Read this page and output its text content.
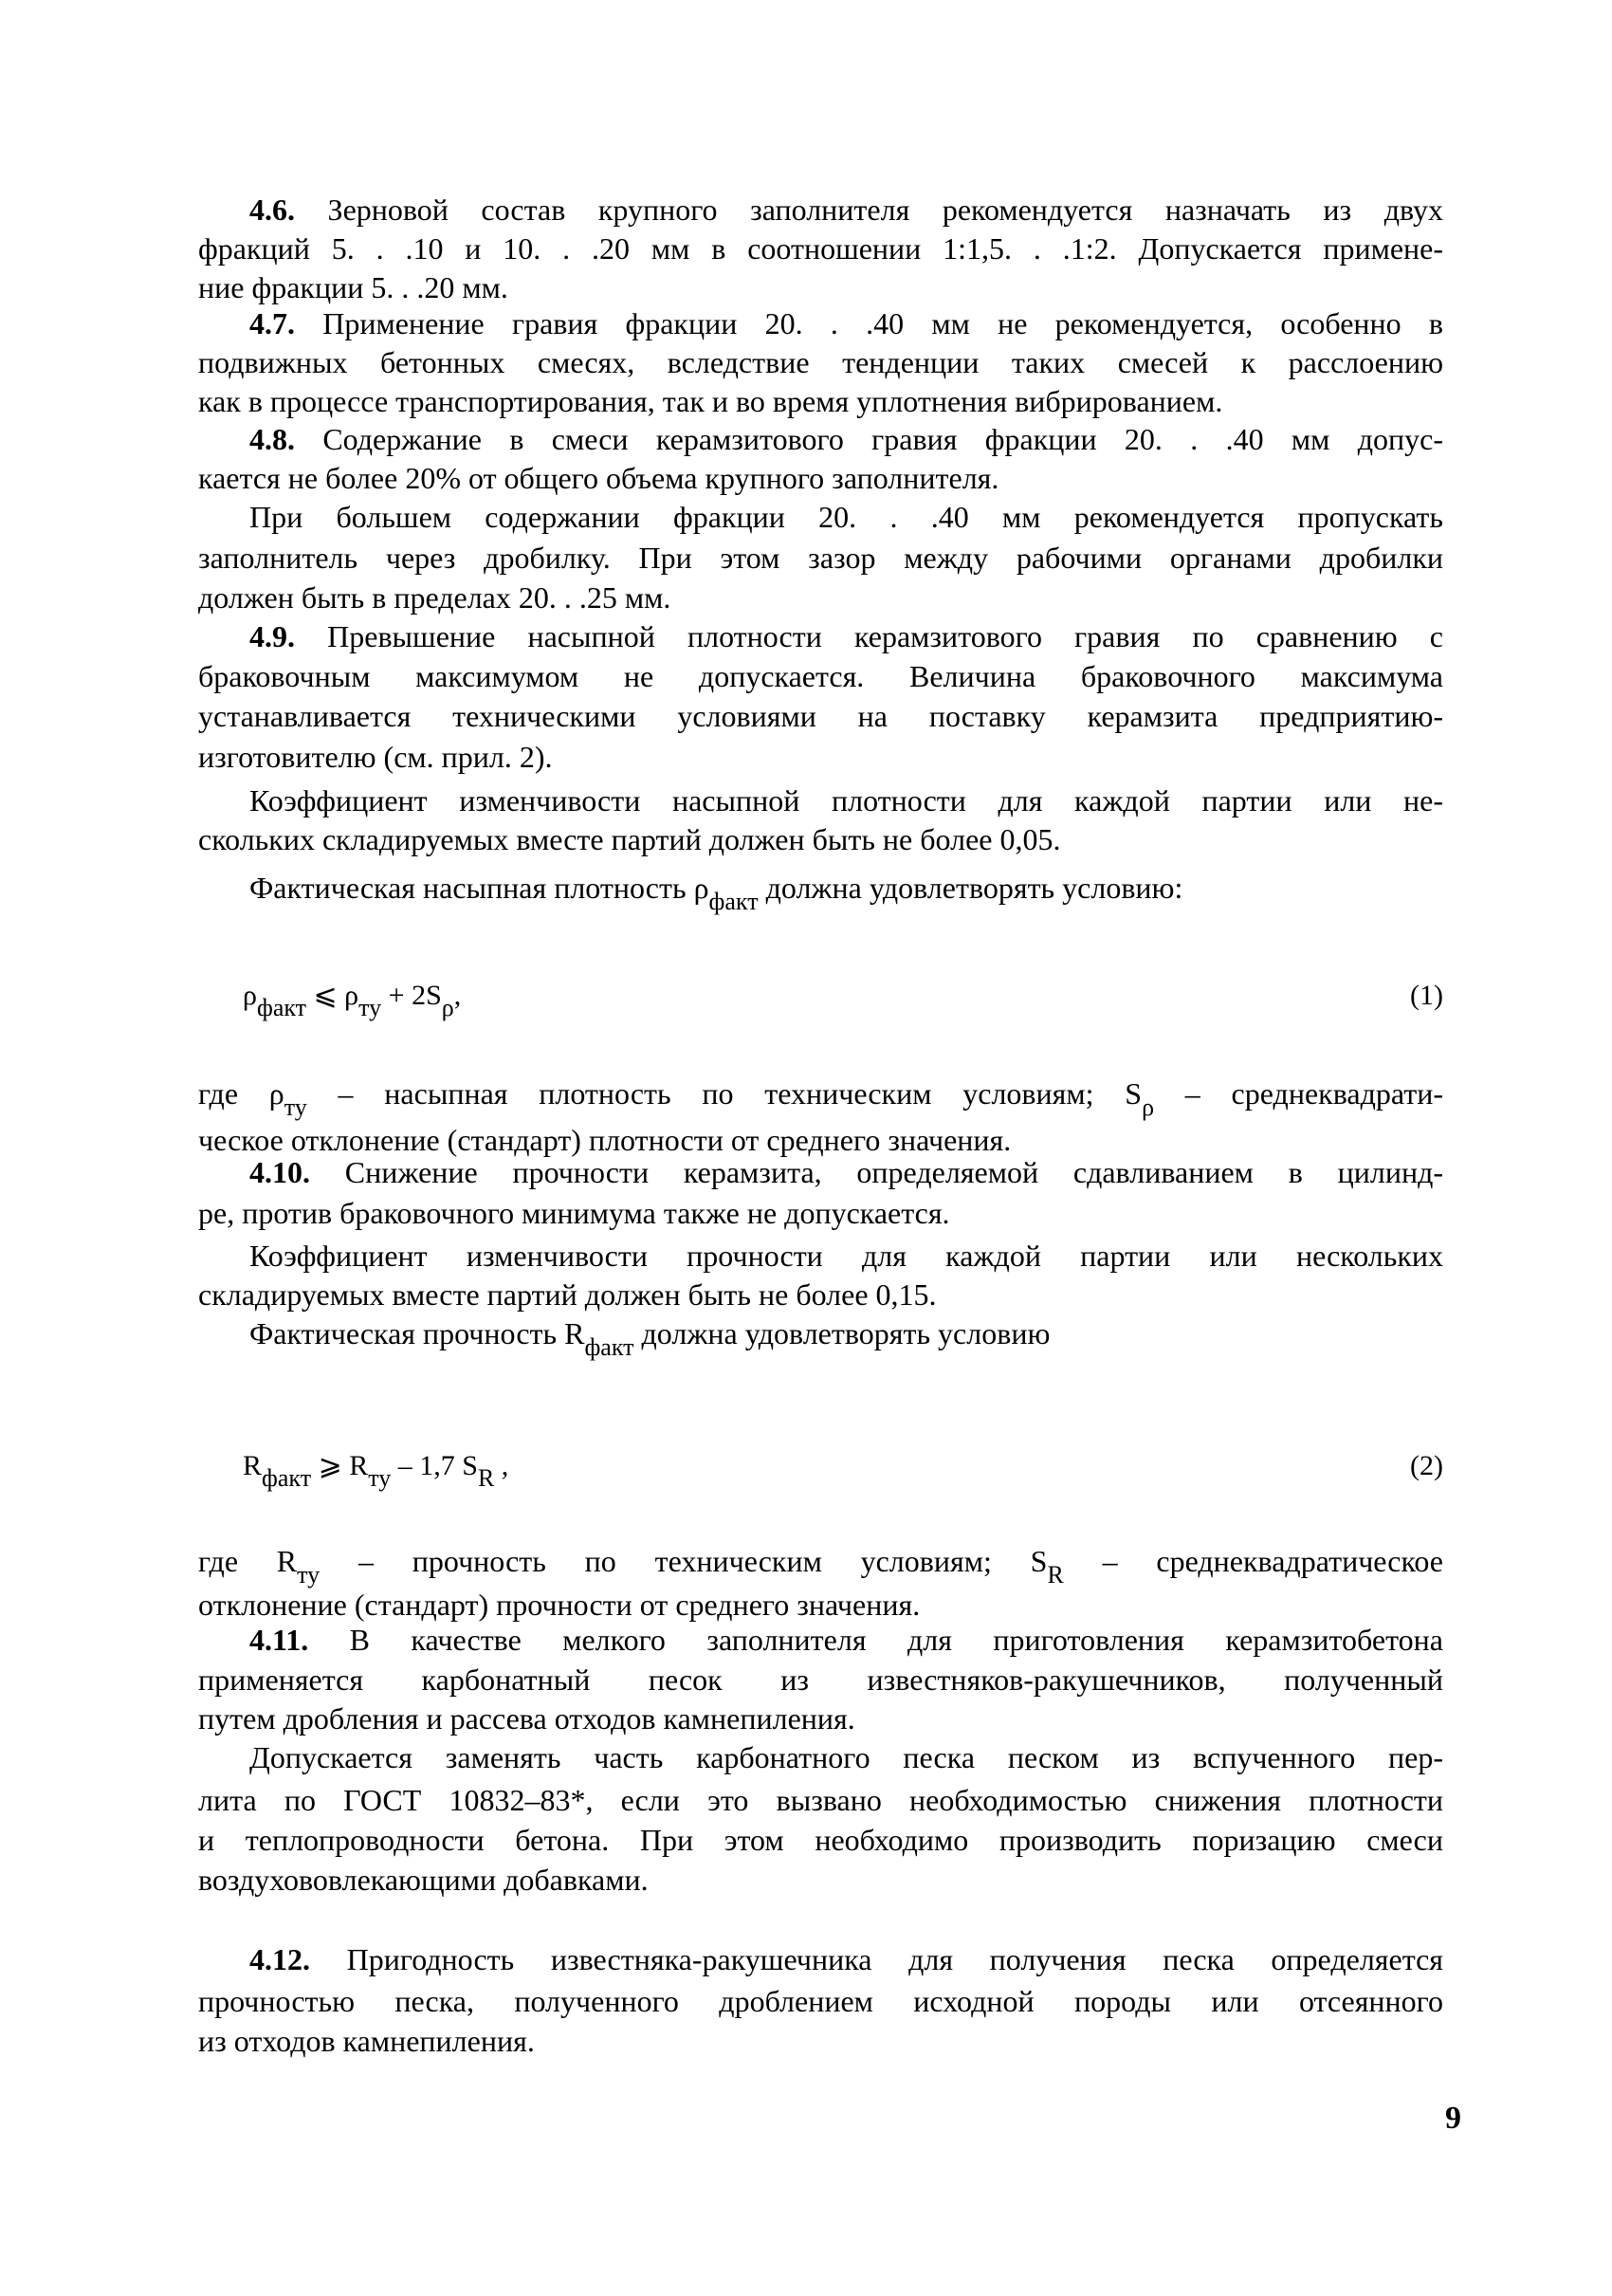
4.6. Зерновой состав крупного заполнителя рекомендуется назначать из двух
фракций 5. . .10 и 10. . .20 мм в соотношении 1:1,5. . .1:2. Допускается примене-
ние фракции 5. . .20 мм.
4.7. Применение гравия фракции 20. . .40 мм не рекомендуется, особенно в
подвижных бетонных смесях, вследствие тенденции таких смесей к расслоению
как в процессе транспортирования, так и во время уплотнения вибрированием.
4.8. Содержание в смеси керамзитового гравия фракции 20. . .40 мм допус-
кается не более 20% от общего объема крупного заполнителя.
При большем содержании фракции 20. . .40 мм рекомендуется пропускать
заполнитель через дробилку. При этом зазор между рабочими органами дробилки
должен быть в пределах 20. . .25 мм.
4.9. Превышение насыпной плотности керамзитового гравия по сравнению с
браковочным максимумом не допускается. Величина браковочного максимума
устанавливается техническими условиями на поставку керамзита предприятию-
изготовителю (см. прил. 2).
Коэффициент изменчивости насыпной плотности для каждой партии или не-
скольких складируемых вместе партий должен быть не более 0,05.
Фактическая насыпная плотность $\rho_{факт}$ должна удовлетворять условию:
$\rho_{факт}$ ⩽ $\rho_{ту} + 2S_\rho$,	(1)
где $\rho_{ту}$ – насыпная плотность по техническим условиям; $S_\rho$ – среднеквадрати-
ческое отклонение (стандарт) плотности от среднего значения.
4.10. Снижение прочности керамзита, определяемой сдавливанием в цилинд-
ре, против браковочного минимума также не допускается.
Коэффициент изменчивости прочности для каждой партии или нескольких
складируемых вместе партий должен быть не более 0,15.
Фактическая прочность $R_{факт}$ должна удовлетворять условию
$R_{факт}$ ⩾ $R_{ту} - 1,7$ $S_R$ ,	(2)
где $R_{ту}$ – прочность по техническим условиям; $S_R$ – среднеквадратическое
отклонение (стандарт) прочности от среднего значения.
4.11. В качестве мелкого заполнителя для приготовления керамзитобетона
применяется карбонатный песок из известняков-ракушечников, полученный
путем дробления и рассева отходов камнепиления.
Допускается заменять часть карбонатного песка песком из вспученного пер-
лита по ГОСТ 10832–83*, если это вызвано необходимостью снижения плотности
и теплопроводности бетона. При этом необходимо производить поризацию смеси
воздухововлекающими добавками.
4.12. Пригодность известняка-ракушечника для получения песка определяется
прочностью песка, полученного дроблением исходной породы или отсеянного
из отходов камнепиления.
9
